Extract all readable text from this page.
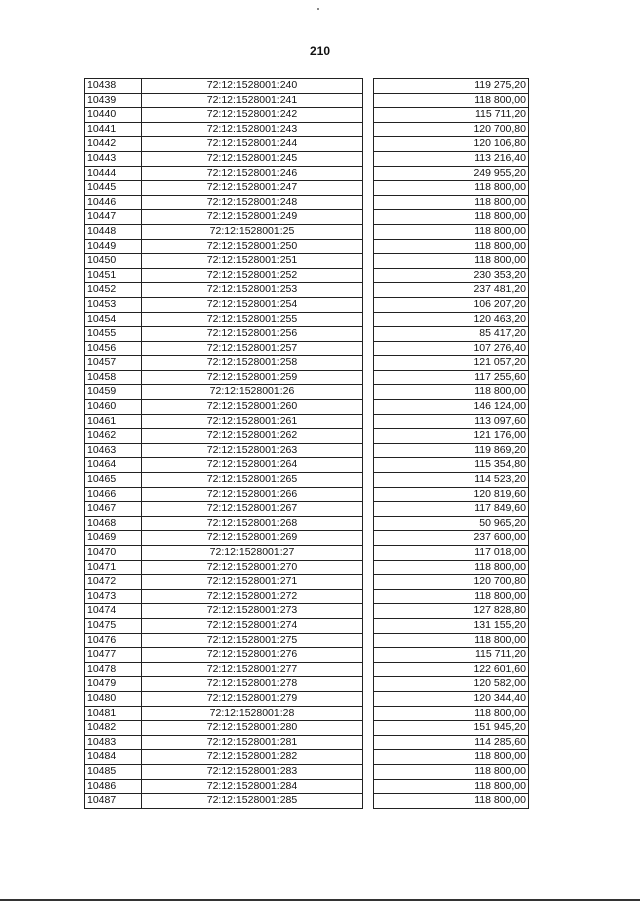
210
10438	72:12:1528001:240		119 275,20
10439	72:12:1528001:241		118 800,00
10440	72:12:1528001:242		115 711,20
10441	72:12:1528001:243		120 700,80
10442	72:12:1528001:244		120 106,80
10443	72:12:1528001:245		113 216,40
10444	72:12:1528001:246		249 955,20
10445	72:12:1528001:247		118 800,00
10446	72:12:1528001:248		118 800,00
10447	72:12:1528001:249		118 800,00
10448	72:12:1528001:25		118 800,00
10449	72:12:1528001:250		118 800,00
10450	72:12:1528001:251		118 800,00
10451	72:12:1528001:252		230 353,20
10452	72:12:1528001:253		237 481,20
10453	72:12:1528001:254		106 207,20
10454	72:12:1528001:255		120 463,20
10455	72:12:1528001:256		85 417,20
10456	72:12:1528001:257		107 276,40
10457	72:12:1528001:258		121 057,20
10458	72:12:1528001:259		117 255,60
10459	72:12:1528001:26		118 800,00
10460	72:12:1528001:260		146 124,00
10461	72:12:1528001:261		113 097,60
10462	72:12:1528001:262		121 176,00
10463	72:12:1528001:263		119 869,20
10464	72:12:1528001:264		115 354,80
10465	72:12:1528001:265		114 523,20
10466	72:12:1528001:266		120 819,60
10467	72:12:1528001:267		117 849,60
10468	72:12:1528001:268		50 965,20
10469	72:12:1528001:269		237 600,00
10470	72:12:1528001:27		117 018,00
10471	72:12:1528001:270		118 800,00
10472	72:12:1528001:271		120 700,80
10473	72:12:1528001:272		118 800,00
10474	72:12:1528001:273		127 828,80
10475	72:12:1528001:274		131 155,20
10476	72:12:1528001:275		118 800,00
10477	72:12:1528001:276		115 711,20
10478	72:12:1528001:277		122 601,60
10479	72:12:1528001:278		120 582,00
10480	72:12:1528001:279		120 344,40
10481	72:12:1528001:28		118 800,00
10482	72:12:1528001:280		151 945,20
10483	72:12:1528001:281		114 285,60
10484	72:12:1528001:282		118 800,00
10485	72:12:1528001:283		118 800,00
10486	72:12:1528001:284		118 800,00
10487	72:12:1528001:285		118 800,00
